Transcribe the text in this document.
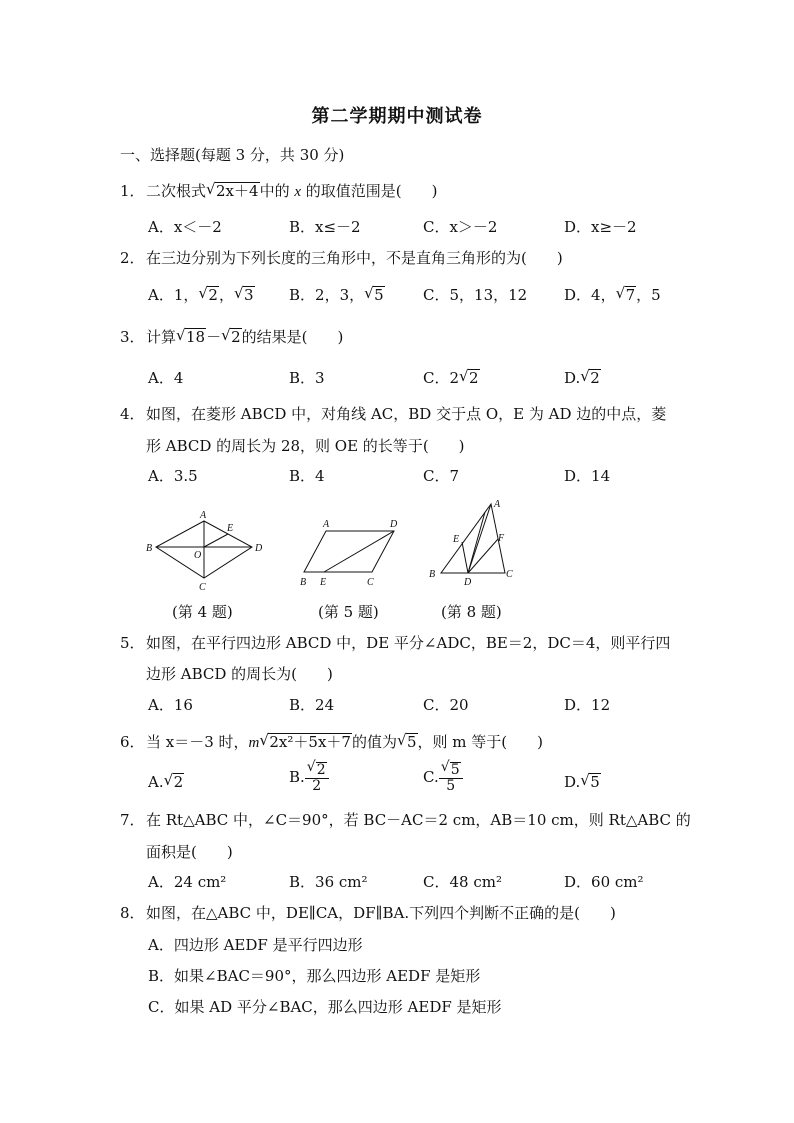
第二学期期中测试卷
一、选择题(每题 3 分，共 30 分)
1．二次根式 √ 2x＋4中的 x 的取值范围是(　　)
A．x＜－2	B．x≤－2	C．x＞－2	D．x≥－2
2．在三边分别为下列长度的三角形中，不是直角三角形的为(　　)
A．1， √ 2， √ 3 B．2，3， √ 5	C．5，13，12 D．4， √ 7，5
3．计算 √ 18－ √ 2的结果是(　　)
A．4	B．3	C．2 √ 2	D. √ 2
4．如图，在菱形 ABCD 中，对角线 AC，BD 交于点 O，E 为 AD 边的中点，菱
形 ABCD 的周长为 28，则 OE 的长等于(　　)
A．3.5	B．4	C．7	D．14
A
B
C
D
E
O
A	D
B E	C
A
E	F
B
D
C
(第 4 题)	(第 5 题)	(第 8 题)
5．如图，在平行四边形 ABCD 中，DE 平分∠ADC，BE＝2，DC＝4，则平行四
边形 ABCD 的周长为(　　)
A．16	B．24	C．20	D．12
6．当 x＝－3 时，m √ 2x²＋5x＋7的值为 √ 5，则 m 等于(　　)
A. √ 2	B. $\frac{√ 2}{2}$	C. $\frac{√ 5}{5}$	D. √ 5
7．在 Rt△ABC 中，∠C＝90°，若 BC－AC＝2 cm，AB＝10 cm，则 Rt△ABC 的
面积是(　　)
A．24 cm²	B．36 cm²	C．48 cm²	D．60 cm²
8．如图，在△ABC 中，DE∥CA，DF∥BA.下列四个判断不正确的是(　　)
A．四边形 AEDF 是平行四边形
B．如果∠BAC＝90°，那么四边形 AEDF 是矩形
C．如果 AD 平分∠BAC，那么四边形 AEDF 是矩形
